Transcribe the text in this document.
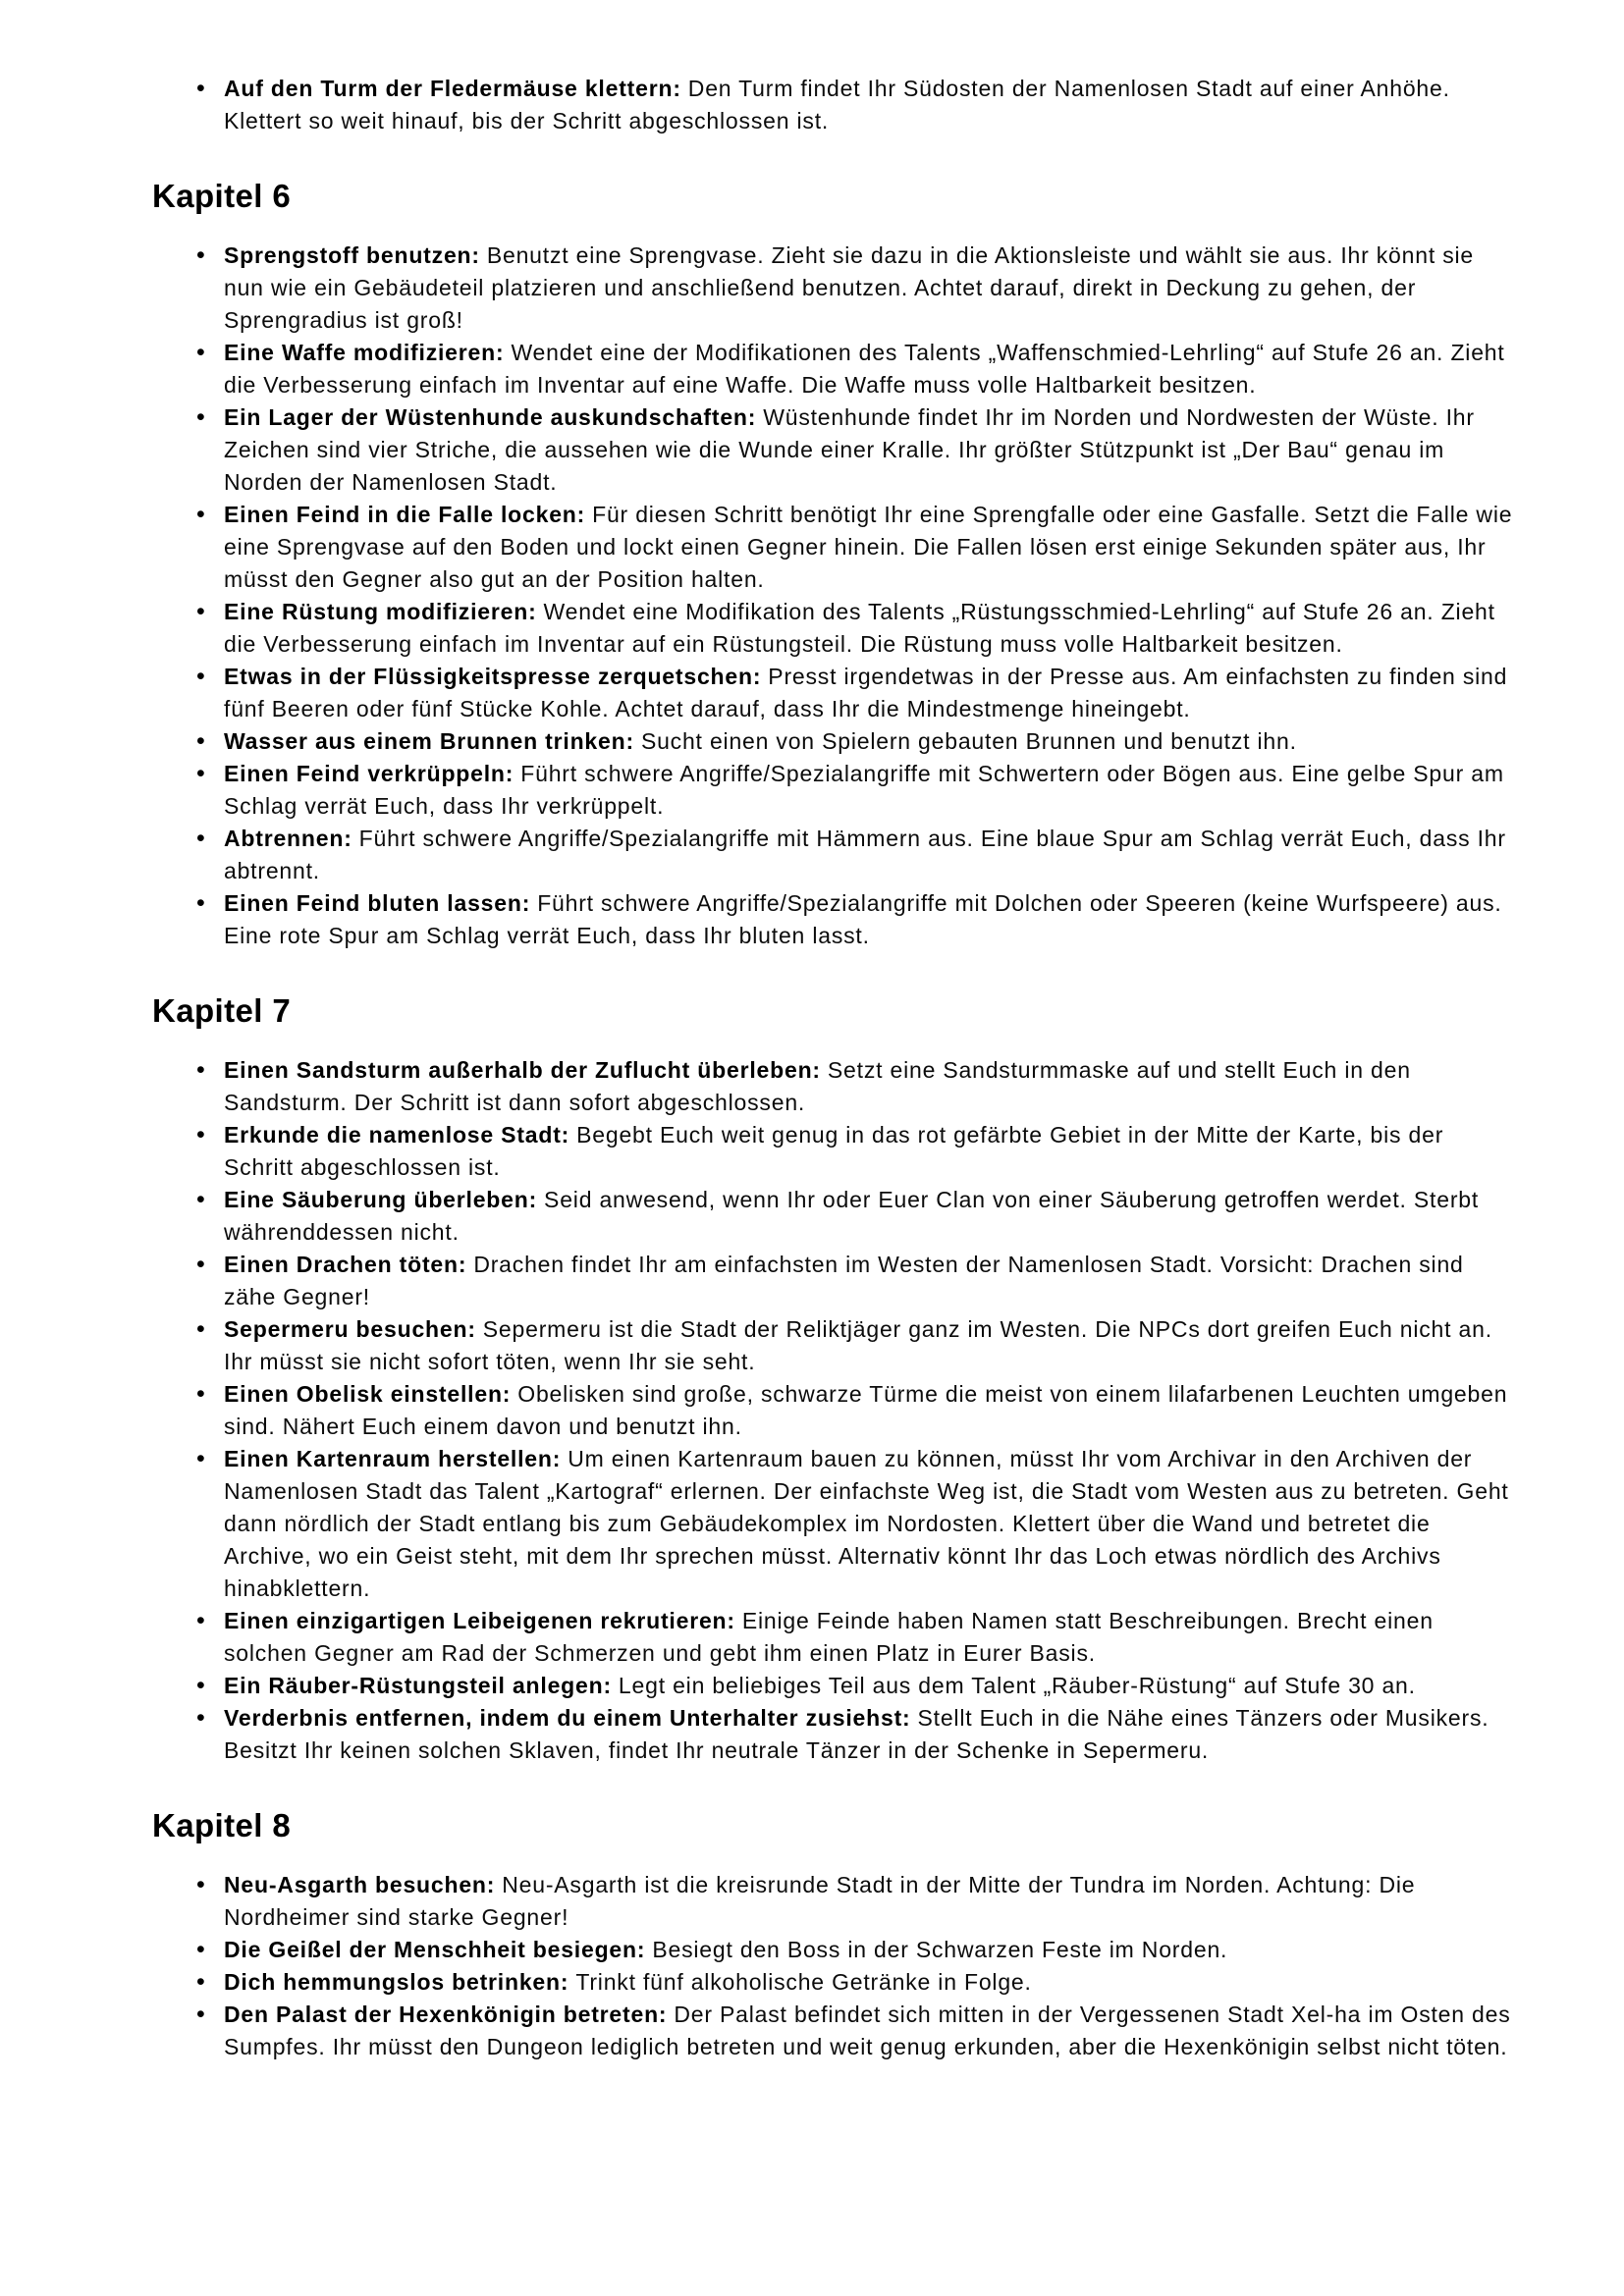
• Auf den Turm der Fledermäuse klettern: Den Turm findet Ihr Südosten der Namenlosen Stadt auf einer Anhöhe. Klettert so weit hinauf, bis der Schritt abgeschlossen ist.
Kapitel 6
• Sprengstoff benutzen: Benutzt eine Sprengvase. Zieht sie dazu in die Aktionsleiste und wählt sie aus. Ihr könnt sie nun wie ein Gebäudeteil platzieren und anschließend benutzen. Achtet darauf, direkt in Deckung zu gehen, der Sprengradius ist groß!
• Eine Waffe modifizieren: Wendet eine der Modifikationen des Talents „Waffenschmied-Lehrling“ auf Stufe 26 an. Zieht die Verbesserung einfach im Inventar auf eine Waffe. Die Waffe muss volle Haltbarkeit besitzen.
• Ein Lager der Wüstenhunde auskundschaften: Wüstenhunde findet Ihr im Norden und Nordwesten der Wüste. Ihr Zeichen sind vier Striche, die aussehen wie die Wunde einer Kralle. Ihr größter Stützpunkt ist „Der Bau“ genau im Norden der Namenlosen Stadt.
• Einen Feind in die Falle locken: Für diesen Schritt benötigt Ihr eine Sprengfalle oder eine Gasfalle. Setzt die Falle wie eine Sprengvase auf den Boden und lockt einen Gegner hinein. Die Fallen lösen erst einige Sekunden später aus, Ihr müsst den Gegner also gut an der Position halten.
• Eine Rüstung modifizieren: Wendet eine Modifikation des Talents „Rüstungsschmied-Lehrling“ auf Stufe 26 an. Zieht die Verbesserung einfach im Inventar auf ein Rüstungsteil. Die Rüstung muss volle Haltbarkeit besitzen.
• Etwas in der Flüssigkeitspresse zerquetschen: Presst irgendetwas in der Presse aus. Am einfachsten zu finden sind fünf Beeren oder fünf Stücke Kohle. Achtet darauf, dass Ihr die Mindestmenge hineingebt.
• Wasser aus einem Brunnen trinken: Sucht einen von Spielern gebauten Brunnen und benutzt ihn.
• Einen Feind verkrüppeln: Führt schwere Angriffe/Spezialangriffe mit Schwertern oder Bögen aus. Eine gelbe Spur am Schlag verrät Euch, dass Ihr verkrüppelt.
• Abtrennen: Führt schwere Angriffe/Spezialangriffe mit Hämmern aus. Eine blaue Spur am Schlag verrät Euch, dass Ihr abtrennt.
• Einen Feind bluten lassen: Führt schwere Angriffe/Spezialangriffe mit Dolchen oder Speeren (keine Wurfspeere) aus. Eine rote Spur am Schlag verrät Euch, dass Ihr bluten lasst.
Kapitel 7
• Einen Sandsturm außerhalb der Zuflucht überleben: Setzt eine Sandsturmmaske auf und stellt Euch in den Sandsturm. Der Schritt ist dann sofort abgeschlossen.
• Erkunde die namenlose Stadt: Begebt Euch weit genug in das rot gefärbte Gebiet in der Mitte der Karte, bis der Schritt abgeschlossen ist.
• Eine Säuberung überleben: Seid anwesend, wenn Ihr oder Euer Clan von einer Säuberung getroffen werdet. Sterbt währenddessen nicht.
• Einen Drachen töten: Drachen findet Ihr am einfachsten im Westen der Namenlosen Stadt. Vorsicht: Drachen sind zähe Gegner!
• Sepermeru besuchen: Sepermeru ist die Stadt der Reliktjäger ganz im Westen. Die NPCs dort greifen Euch nicht an. Ihr müsst sie nicht sofort töten, wenn Ihr sie seht.
• Einen Obelisk einstellen: Obelisken sind große, schwarze Türme die meist von einem lilafarbenen Leuchten umgeben sind. Nähert Euch einem davon und benutzt ihn.
• Einen Kartenraum herstellen: Um einen Kartenraum bauen zu können, müsst Ihr vom Archivar in den Archiven der Namenlosen Stadt das Talent „Kartograf“ erlernen. Der einfachste Weg ist, die Stadt vom Westen aus zu betreten. Geht dann nördlich der Stadt entlang bis zum Gebäudekomplex im Nordosten. Klettert über die Wand und betretet die Archive, wo ein Geist steht, mit dem Ihr sprechen müsst. Alternativ könnt Ihr das Loch etwas nördlich des Archivs hinabklettern.
• Einen einzigartigen Leibeigenen rekrutieren: Einige Feinde haben Namen statt Beschreibungen. Brecht einen solchen Gegner am Rad der Schmerzen und gebt ihm einen Platz in Eurer Basis.
• Ein Räuber-Rüstungsteil anlegen: Legt ein beliebiges Teil aus dem Talent „Räuber-Rüstung“ auf Stufe 30 an.
• Verderbnis entfernen, indem du einem Unterhalter zusiehst: Stellt Euch in die Nähe eines Tänzers oder Musikers. Besitzt Ihr keinen solchen Sklaven, findet Ihr neutrale Tänzer in der Schenke in Sepermeru.
Kapitel 8
• Neu-Asgarth besuchen: Neu-Asgarth ist die kreisrunde Stadt in der Mitte der Tundra im Norden. Achtung: Die Nordheimer sind starke Gegner!
• Die Geißel der Menschheit besiegen: Besiegt den Boss in der Schwarzen Feste im Norden.
• Dich hemmungslos betrinken: Trinkt fünf alkoholische Getränke in Folge.
• Den Palast der Hexenkönigin betreten: Der Palast befindet sich mitten in der Vergessenen Stadt Xel-ha im Osten des Sumpfes. Ihr müsst den Dungeon lediglich betreten und weit genug erkunden, aber die Hexenkönigin selbst nicht töten.
